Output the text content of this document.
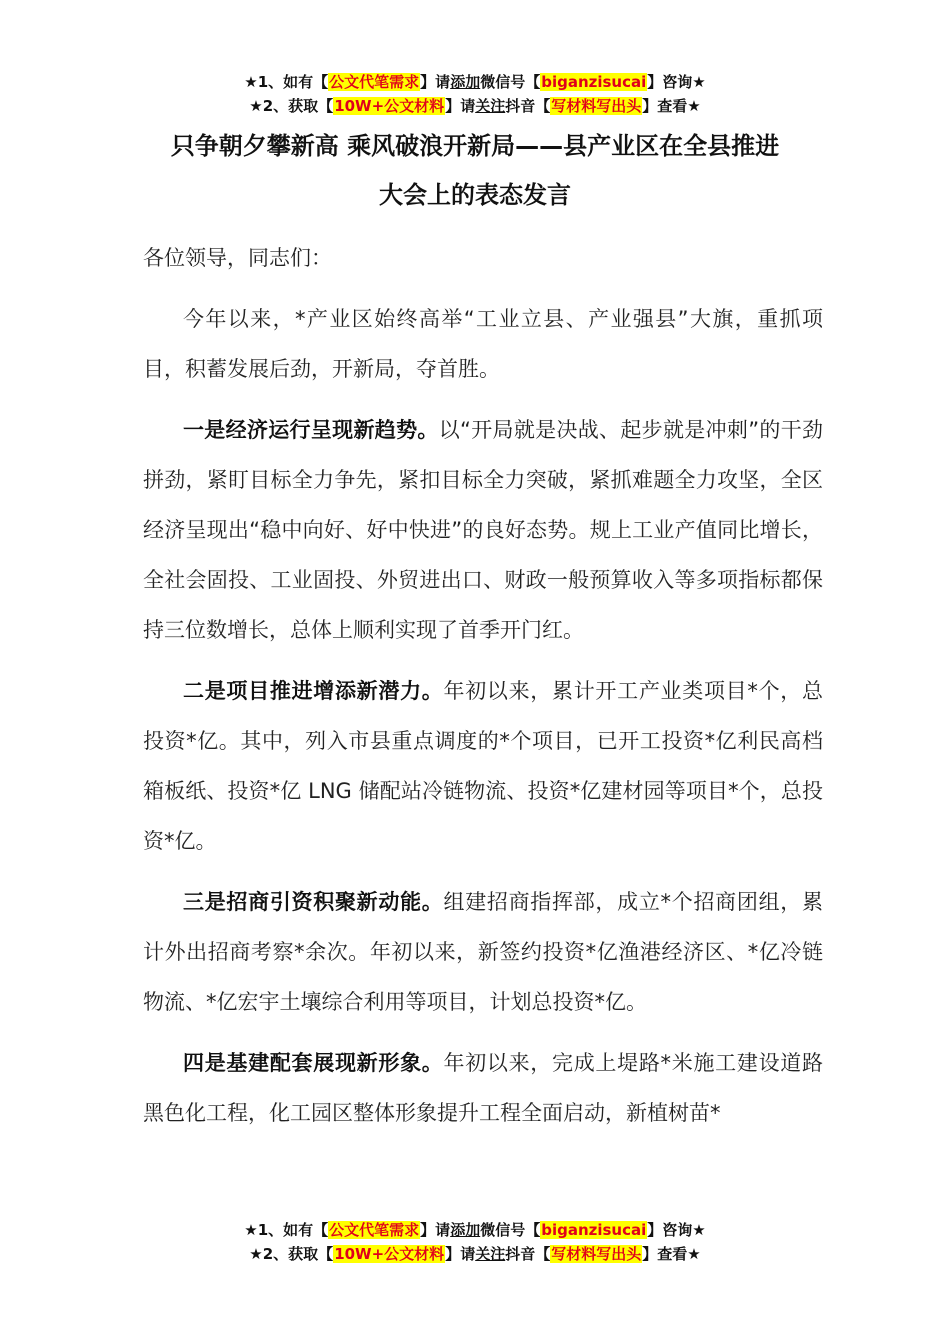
★1、如有【公文代笔需求】请添加微信号【biganzisucai】咨询★
★2、获取【10W+公文材料】请关注抖音【写材料写出头】查看★
只争朝夕攀新高 乘风破浪开新局——县产业区在全县推进
大会上的表态发言

各位领导，同志们：

今年以来，*产业区始终高举“工业立县、产业强县”大旗，重抓项目，积蓄发展后劲，开新局，夺首胜。

一是经济运行呈现新趋势。以“开局就是决战、起步就是冲刺”的干劲拼劲，紧盯目标全力争先，紧扣目标全力突破，紧抓难题全力攻坚，全区经济呈现出“稳中向好、好中快进”的良好态势。规上工业产值同比增长，全社会固投、工业固投、外贸进出口、财政一般预算收入等多项指标都保持三位数增长，总体上顺利实现了首季开门红。

二是项目推进增添新潜力。年初以来，累计开工产业类项目*个，总投资*亿。其中，列入市县重点调度的*个项目，已开工投资*亿利民高档箱板纸、投资*亿 LNG 储配站冷链物流、投资*亿建材园等项目*个，总投资*亿。

三是招商引资积聚新动能。组建招商指挥部，成立*个招商团组，累计外出招商考察*余次。年初以来，新签约投资*亿渔港经济区、*亿冷链物流、*亿宏宇土壤综合利用等项目，计划总投资*亿。

四是基建配套展现新形象。年初以来，完成上堤路*米施工建设道路黑色化工程，化工园区整体形象提升工程全面启动，新植树苗*

★1、如有【公文代笔需求】请添加微信号【biganzisucai】咨询★
★2、获取【10W+公文材料】请关注抖音【写材料写出头】查看★
